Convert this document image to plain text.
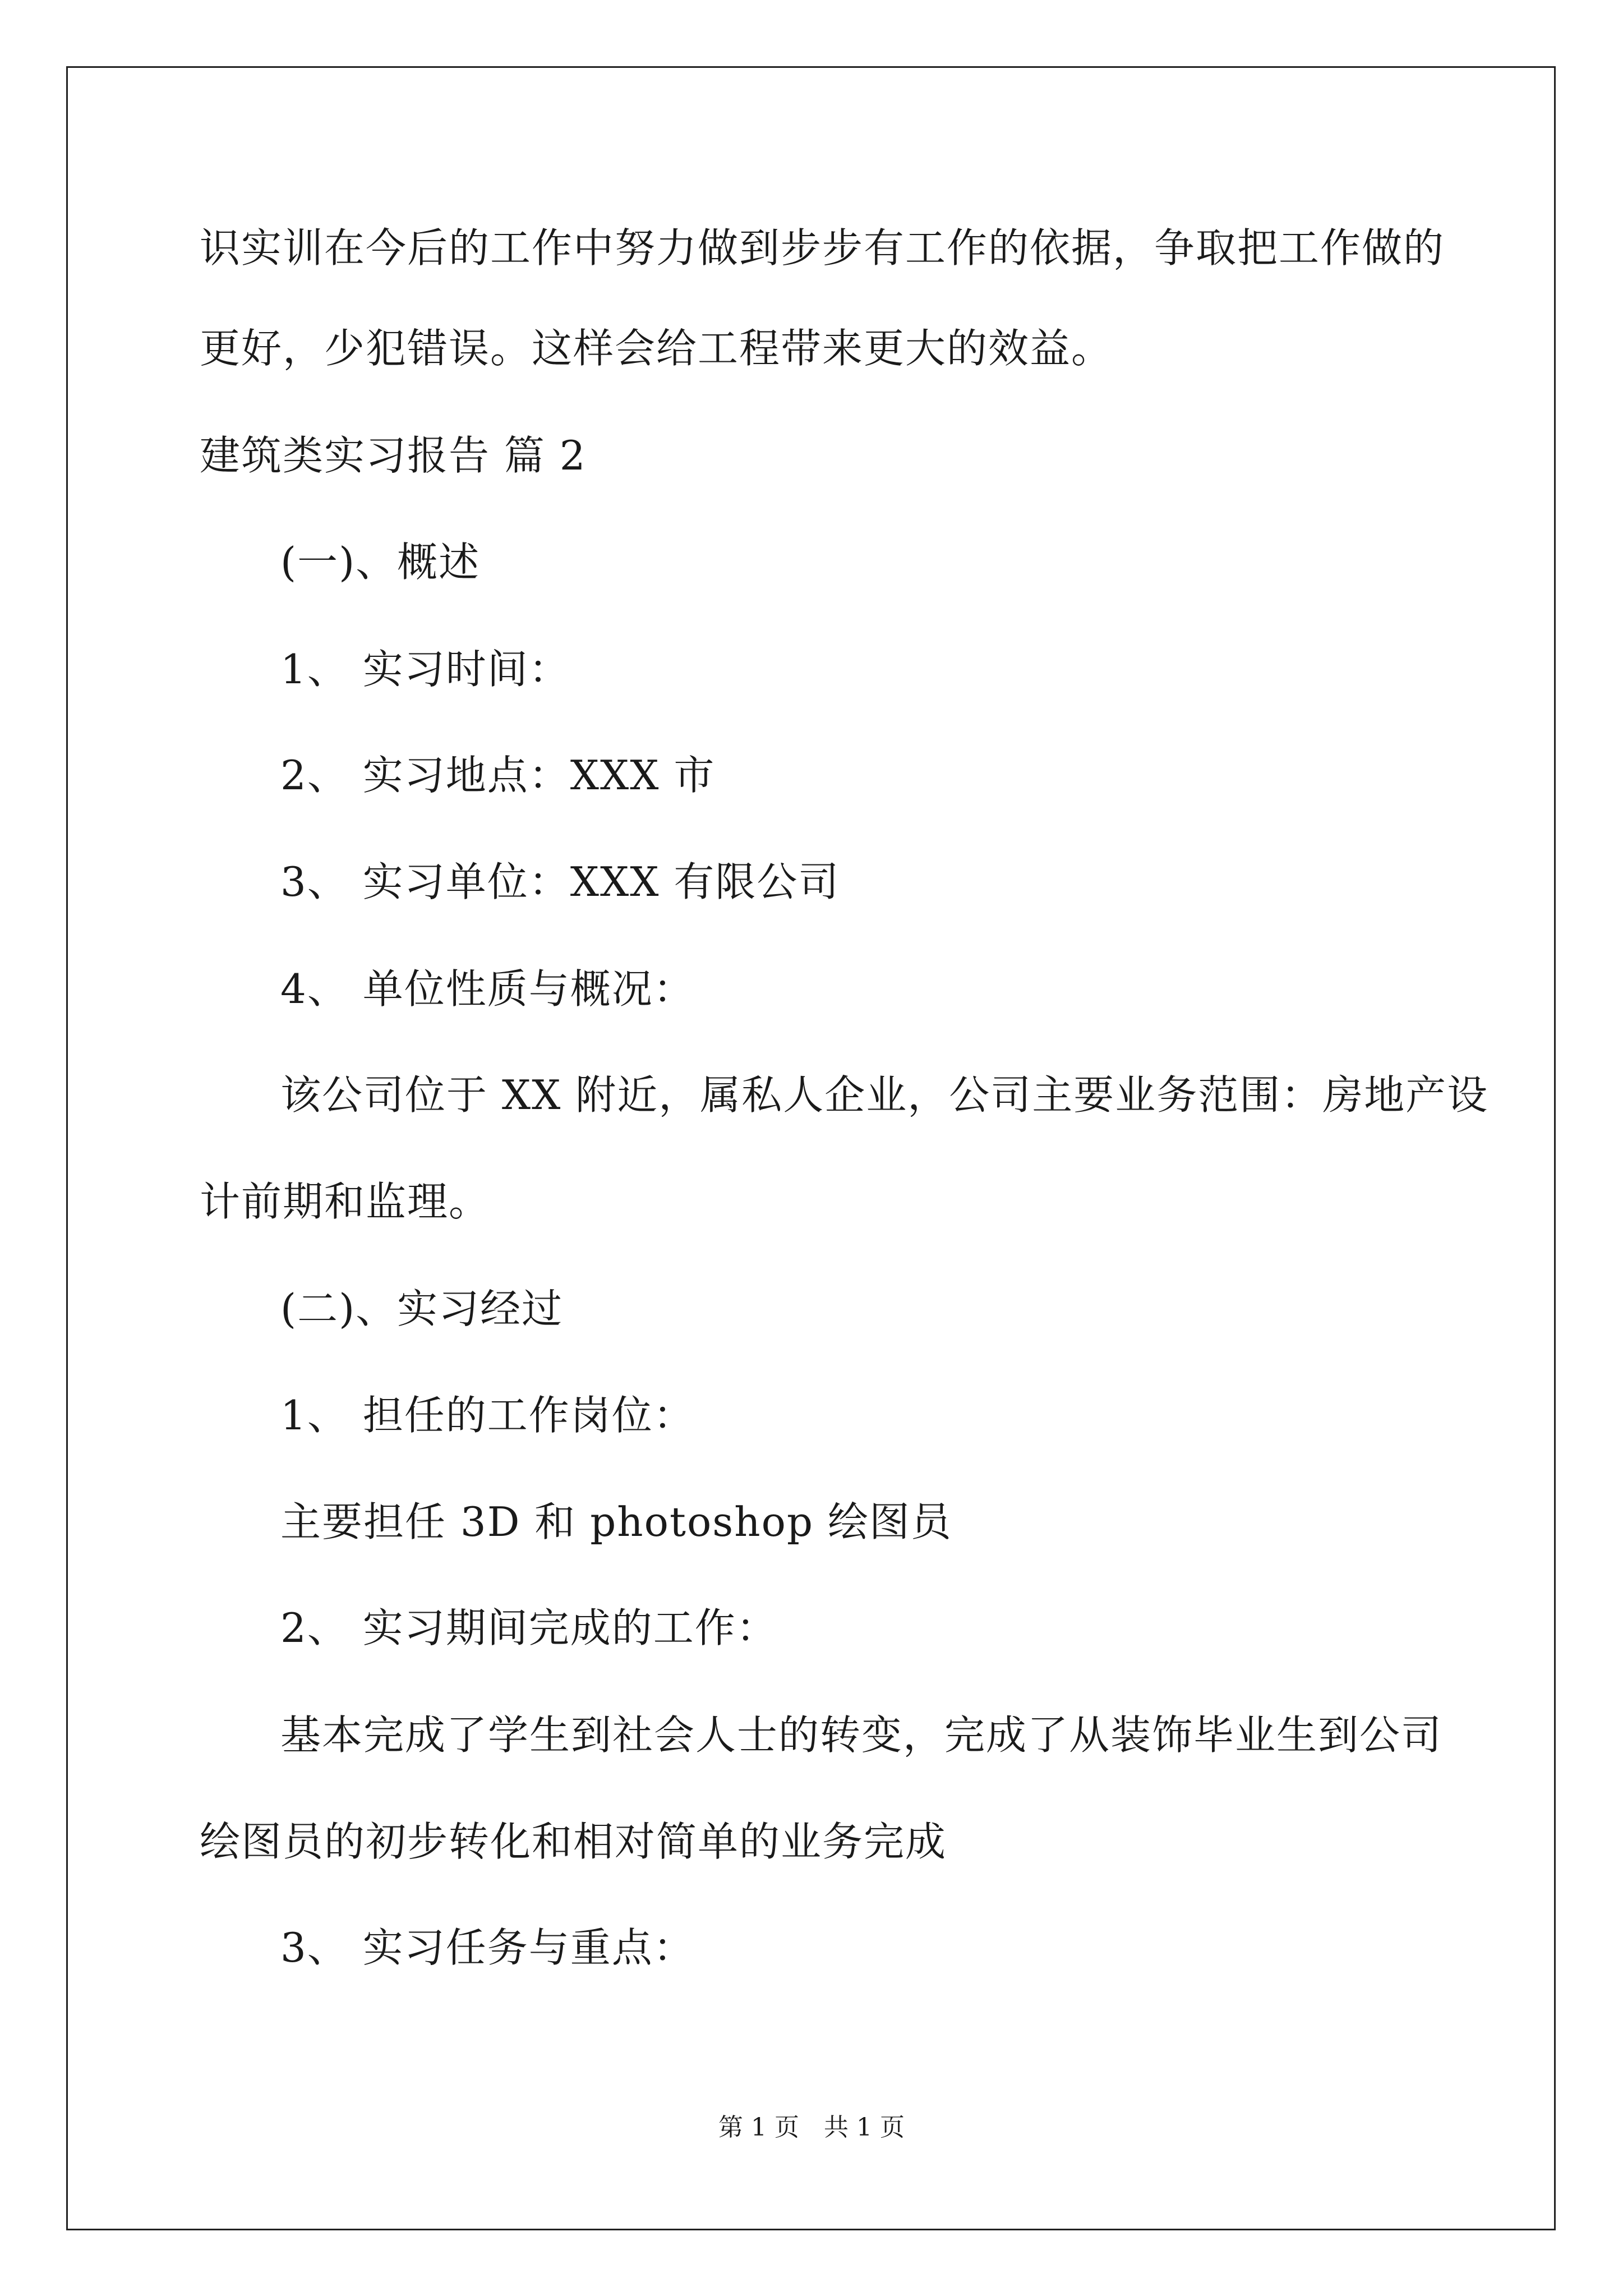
识实训在今后的工作中努力做到步步有工作的依据，争取把工作做的
更好，少犯错误。这样会给工程带来更大的效益。
建筑类实习报告 篇 2
(一)、概述
1、 实习时间：
2、 实习地点：XXX 市
3、 实习单位：XXX 有限公司
4、 单位性质与概况：
该公司位于 XX 附近，属私人企业，公司主要业务范围：房地产设
计前期和监理。
(二)、实习经过
1、 担任的工作岗位：
主要担任 3D 和 photoshop 绘图员
2、 实习期间完成的工作：
基本完成了学生到社会人士的转变，完成了从装饰毕业生到公司
绘图员的初步转化和相对简单的业务完成
3、 实习任务与重点：
第 1 页　共 1 页
